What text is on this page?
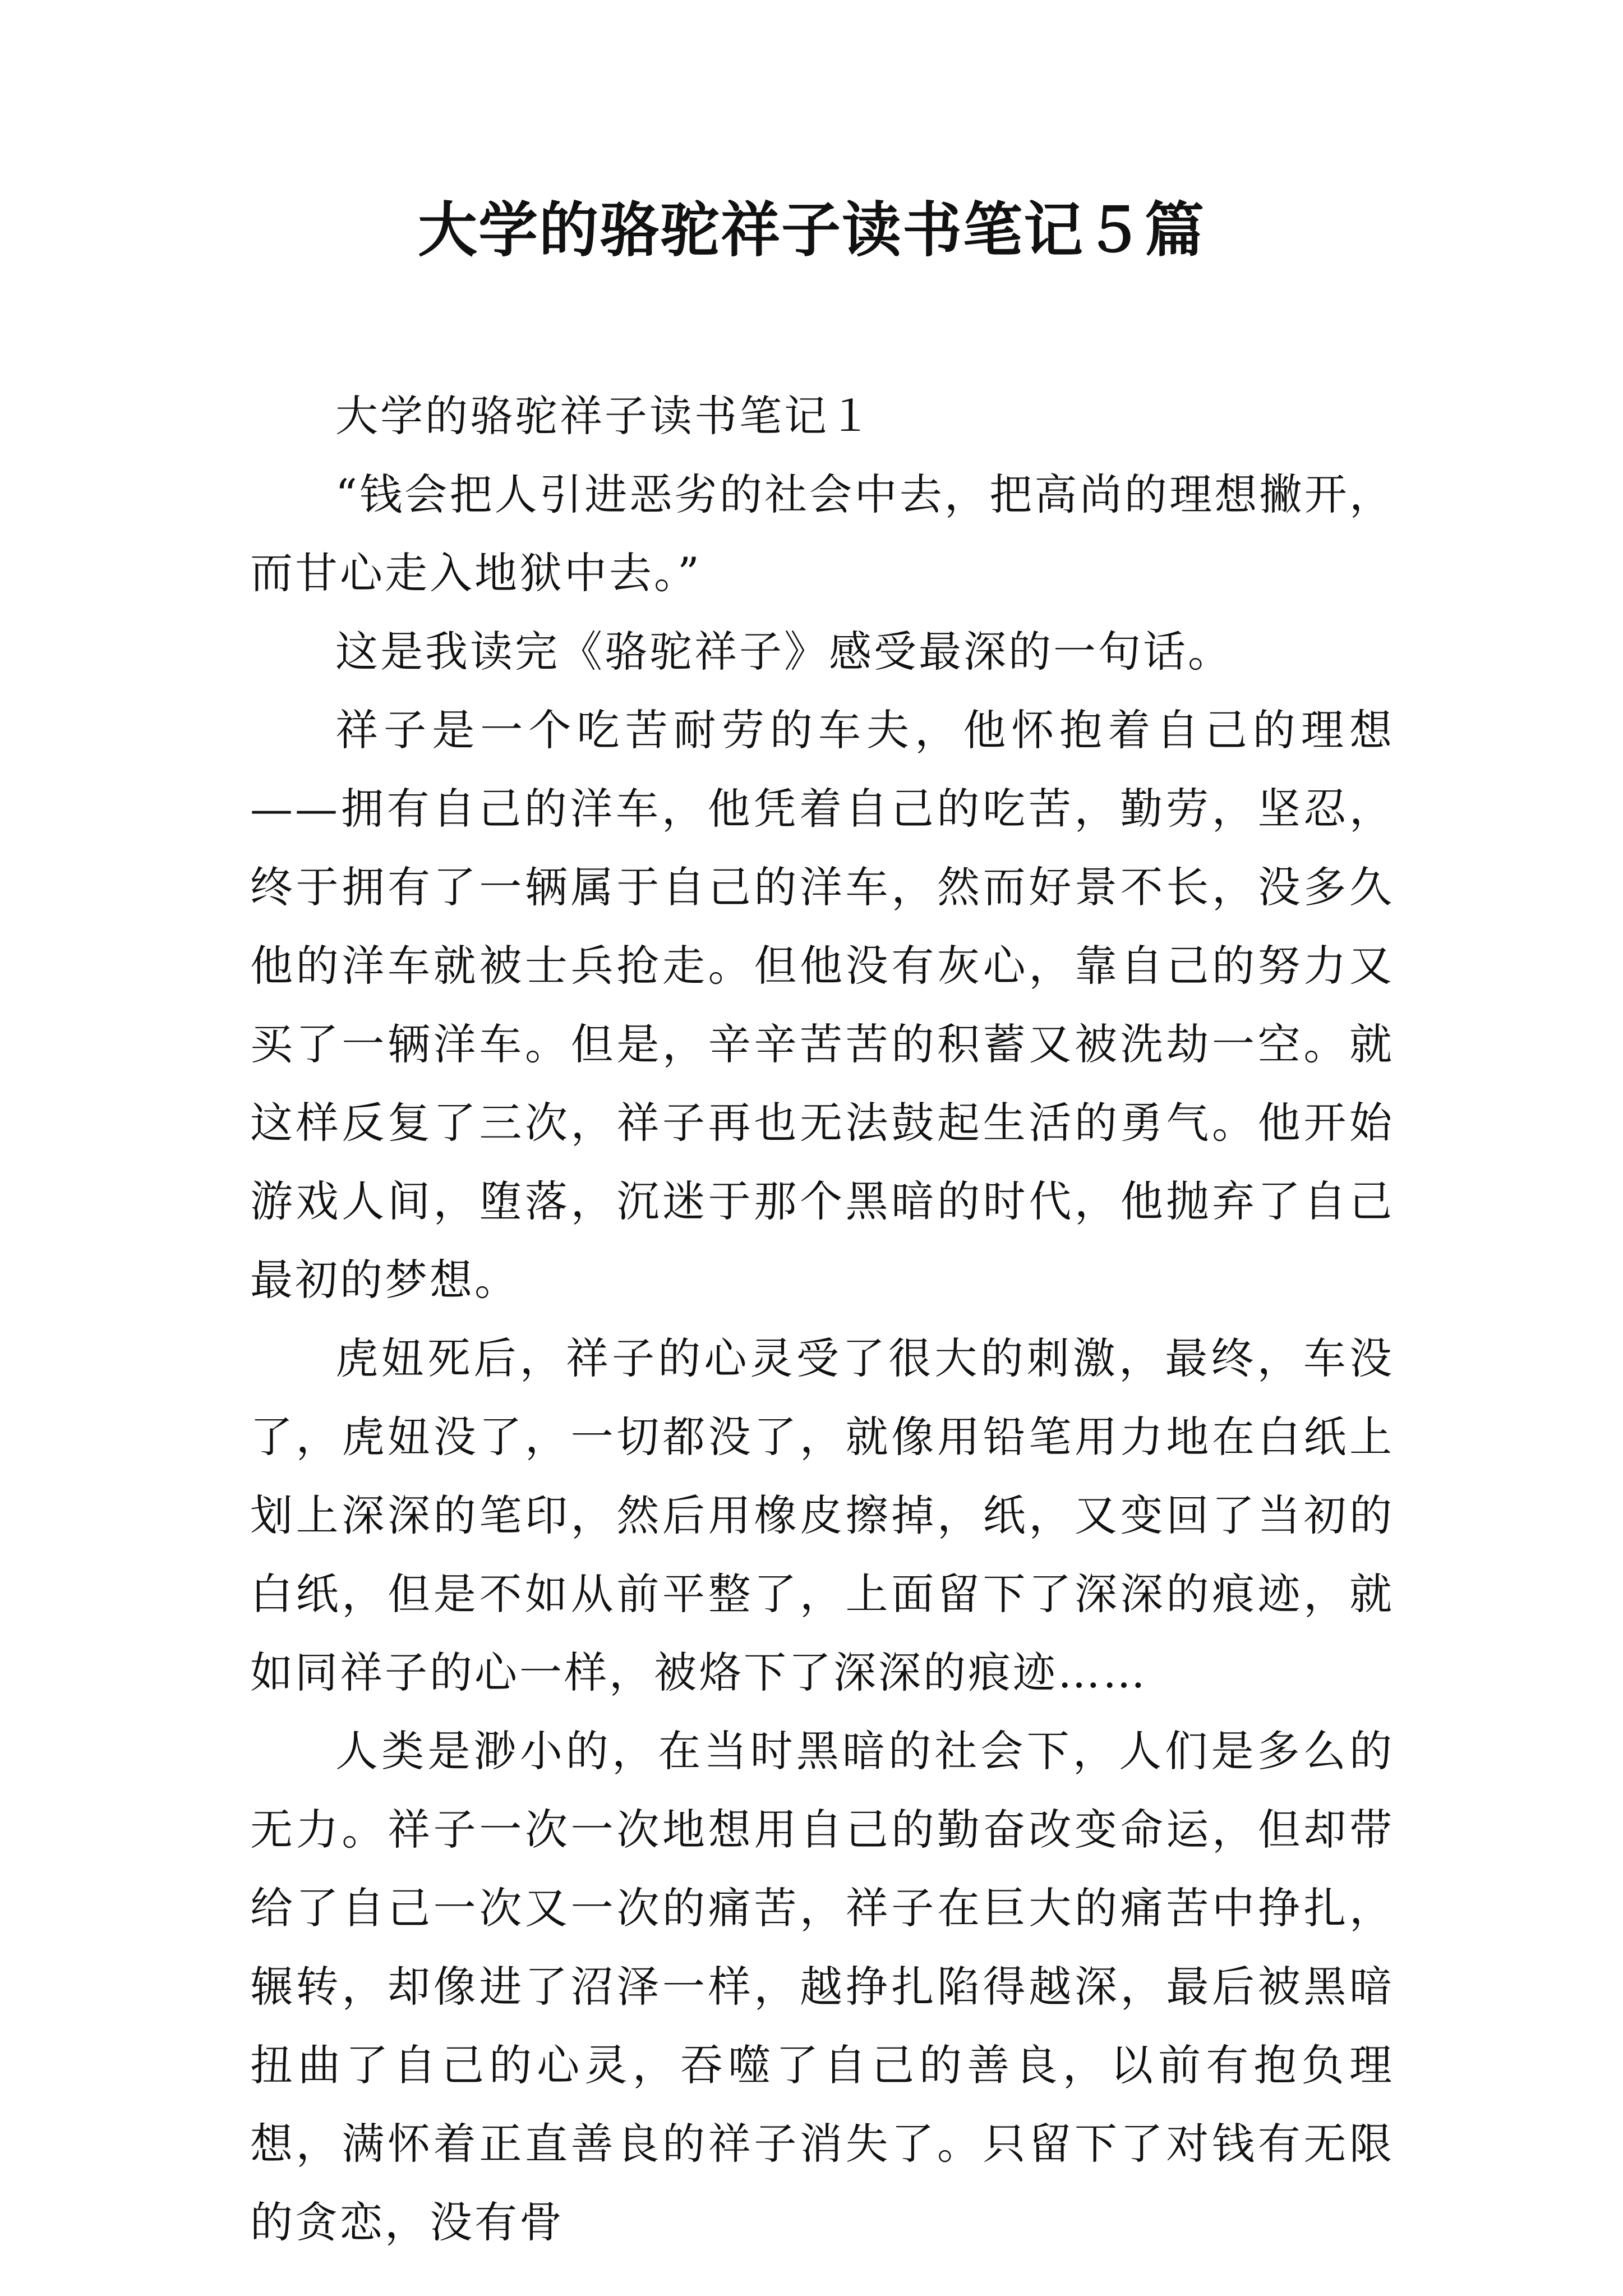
大学的骆驼祥子读书笔记５篇

大学的骆驼祥子读书笔记１

“钱会把人引进恶劣的社会中去，把高尚的理想撇开，而甘心走入地狱中去。”

这是我读完《骆驼祥子》感受最深的一句话。

祥子是一个吃苦耐劳的车夫，他怀抱着自己的理想——拥有自己的洋车，他凭着自己的吃苦，勤劳，坚忍，终于拥有了一辆属于自己的洋车，然而好景不长，没多久他的洋车就被士兵抢走。但他没有灰心，靠自己的努力又买了一辆洋车。但是，辛辛苦苦的积蓄又被洗劫一空。就这样反复了三次，祥子再也无法鼓起生活的勇气。他开始游戏人间，堕落，沉迷于那个黑暗的时代，他抛弃了自己最初的梦想。

虎妞死后，祥子的心灵受了很大的刺激，最终，车没了，虎妞没了，一切都没了，就像用铅笔用力地在白纸上划上深深的笔印，然后用橡皮擦掉，纸，又变回了当初的白纸，但是不如从前平整了，上面留下了深深的痕迹，就如同祥子的心一样，被烙下了深深的痕迹……

人类是渺小的，在当时黑暗的社会下，人们是多么的无力。祥子一次一次地想用自己的勤奋改变命运，但却带给了自己一次又一次的痛苦，祥子在巨大的痛苦中挣扎，辗转，却像进了沼泽一样，越挣扎陷得越深，最后被黑暗扭曲了自己的心灵，吞噬了自己的善良，以前有抱负理想，满怀着正直善良的祥子消失了。只留下了对钱有无限的贪恋，没有骨
